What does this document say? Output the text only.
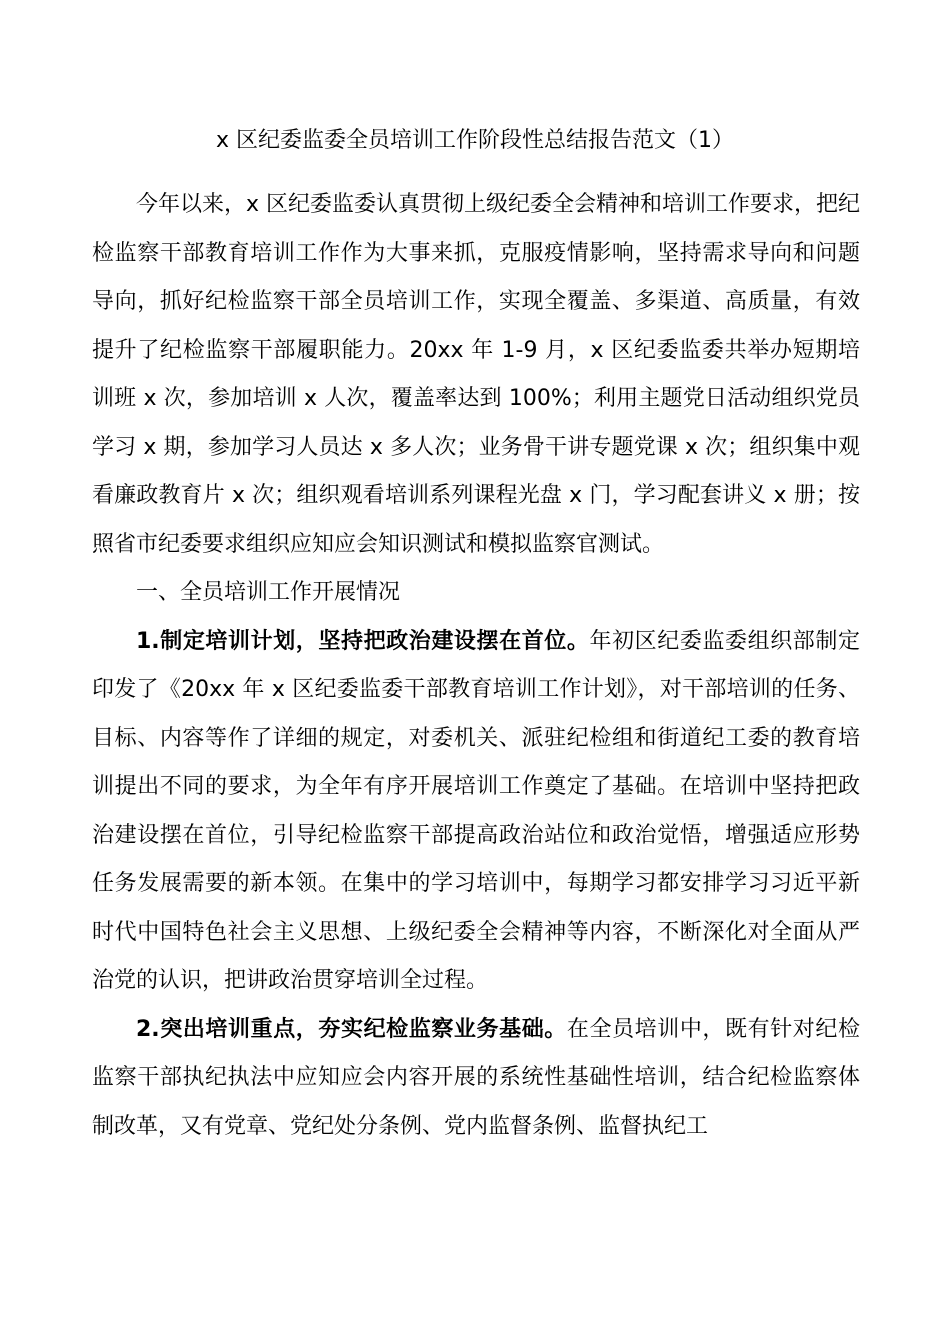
x 区纪委监委全员培训工作阶段性总结报告范文（1）

今年以来，x 区纪委监委认真贯彻上级纪委全会精神和培训工作要求，把纪检监察干部教育培训工作作为大事来抓，克服疫情影响，坚持需求导向和问题导向，抓好纪检监察干部全员培训工作，实现全覆盖、多渠道、高质量，有效提升了纪检监察干部履职能力。20xx 年 1-9 月，x 区纪委监委共举办短期培训班 x 次，参加培训 x 人次，覆盖率达到 100%；利用主题党日活动组织党员学习 x 期，参加学习人员达 x 多人次；业务骨干讲专题党课 x 次；组织集中观看廉政教育片 x 次；组织观看培训系列课程光盘 x 门，学习配套讲义 x 册；按照省市纪委要求组织应知应会知识测试和模拟监察官测试。

一、全员培训工作开展情况

1.制定培训计划，坚持把政治建设摆在首位。年初区纪委监委组织部制定印发了《20xx 年 x 区纪委监委干部教育培训工作计划》，对干部培训的任务、目标、内容等作了详细的规定，对委机关、派驻纪检组和街道纪工委的教育培训提出不同的要求，为全年有序开展培训工作奠定了基础。在培训中坚持把政治建设摆在首位，引导纪检监察干部提高政治站位和政治觉悟，增强适应形势任务发展需要的新本领。在集中的学习培训中，每期学习都安排学习习近平新时代中国特色社会主义思想、上级纪委全会精神等内容，不断深化对全面从严治党的认识，把讲政治贯穿培训全过程。

2.突出培训重点，夯实纪检监察业务基础。在全员培训中，既有针对纪检监察干部执纪执法中应知应会内容开展的系统性基础性培训，结合纪检监察体制改革，又有党章、党纪处分条例、党内监督条例、监督执纪工
